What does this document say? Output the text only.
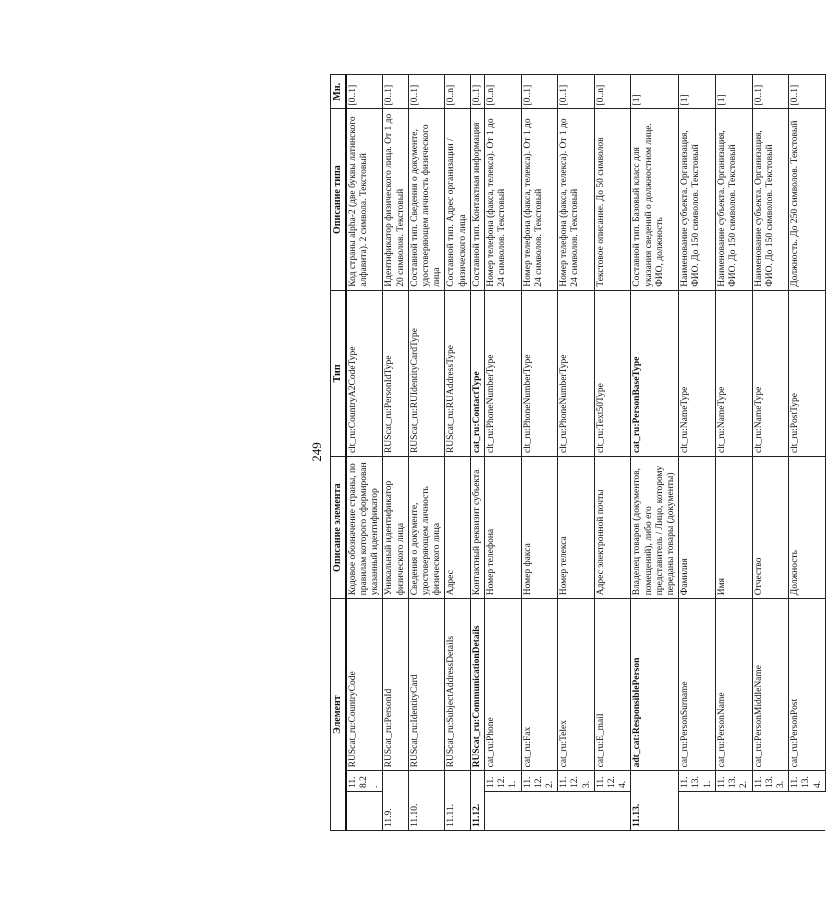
249
Элемент			Описание элемента	Тип	Описание типа	Мн.
	11.8.2.	RUScat_ru:CountryCode	Кодовое обозначение страны, по правилам которого сформирован указанный идентификатор	clt_ru:CountryA2CodeType	Код страны alpha-2 (две буквы латинского алфавита). 2 символа. Текстовый	[0..1]
11.9.		RUScat_ru:PersonId	Уникальный идентификатор физического лица	RUScat_ru:PersonIdType	Идентификатор физического лица. От 1 до 20 символов. Текстовый	[0..1]
11.10.		RUScat_ru:IdentityCard	Сведения о документе, удостоверяющем личность физического лица	RUScat_ru:RUIdentityCardType	Составной тип. Сведения о документе, удостоверяющем личность физического лица	[0..1]
11.11.		RUScat_ru:SubjectAddressDetails	Адрес	RUScat_ru:RUAddressType	Составной тип. Адрес организации / физического лица	[0..n]
11.12.		RUScat_ru:CommunicationDetails	Контактный реквизит субъекта	cat_ru:ContactType	Составной тип. Контактная информация	[0..1]
	11.12.1.	cat_ru:Phone	Номер телефона	clt_ru:PhoneNumberType	Номер телефона (факса, телекса). От 1 до 24 символов. Текстовый	[0..n]
	11.12.2.	cat_ru:Fax	Номер факса	clt_ru:PhoneNumberType	Номер телефона (факса, телекса). От 1 до 24 символов. Текстовый	[0..1]
	11.12.3.	cat_ru:Telex	Номер телекса	clt_ru:PhoneNumberType	Номер телефона (факса, телекса). От 1 до 24 символов. Текстовый	[0..1]
	11.12.4.	cat_ru:E_mail	Адрес электронной почты	clt_ru:Text50Type	Текстовое описание. До 50 символов	[0..n]
11.13.		adt_cat:ResponsiblePerson	Владелец товаров (документов, помещений), либо его представитель / Лицо, которому переданы товары (документы)	cat_ru:PersonBaseType	Составной тип. Базовый класс для указания сведений о должностном лице. ФИО, должность	[1]
	11.13.1.	cat_ru:PersonSurname	Фамилия	clt_ru:NameType	Наименование субъекта. Организация, ФИО. До 150 символов. Текстовый	[1]
	11.13.2.	cat_ru:PersonName	Имя	clt_ru:NameType	Наименование субъекта. Организация, ФИО. До 150 символов. Текстовый	[1]
	11.13.3.	cat_ru:PersonMiddleName	Отчество	clt_ru:NameType	Наименование субъекта. Организация, ФИО. До 150 символов. Текстовый	[0..1]
	11.13.4.	cat_ru:PersonPost	Должность	clt_ru:PostType	Должность. До 250 символов. Текстовый	[0..1]
